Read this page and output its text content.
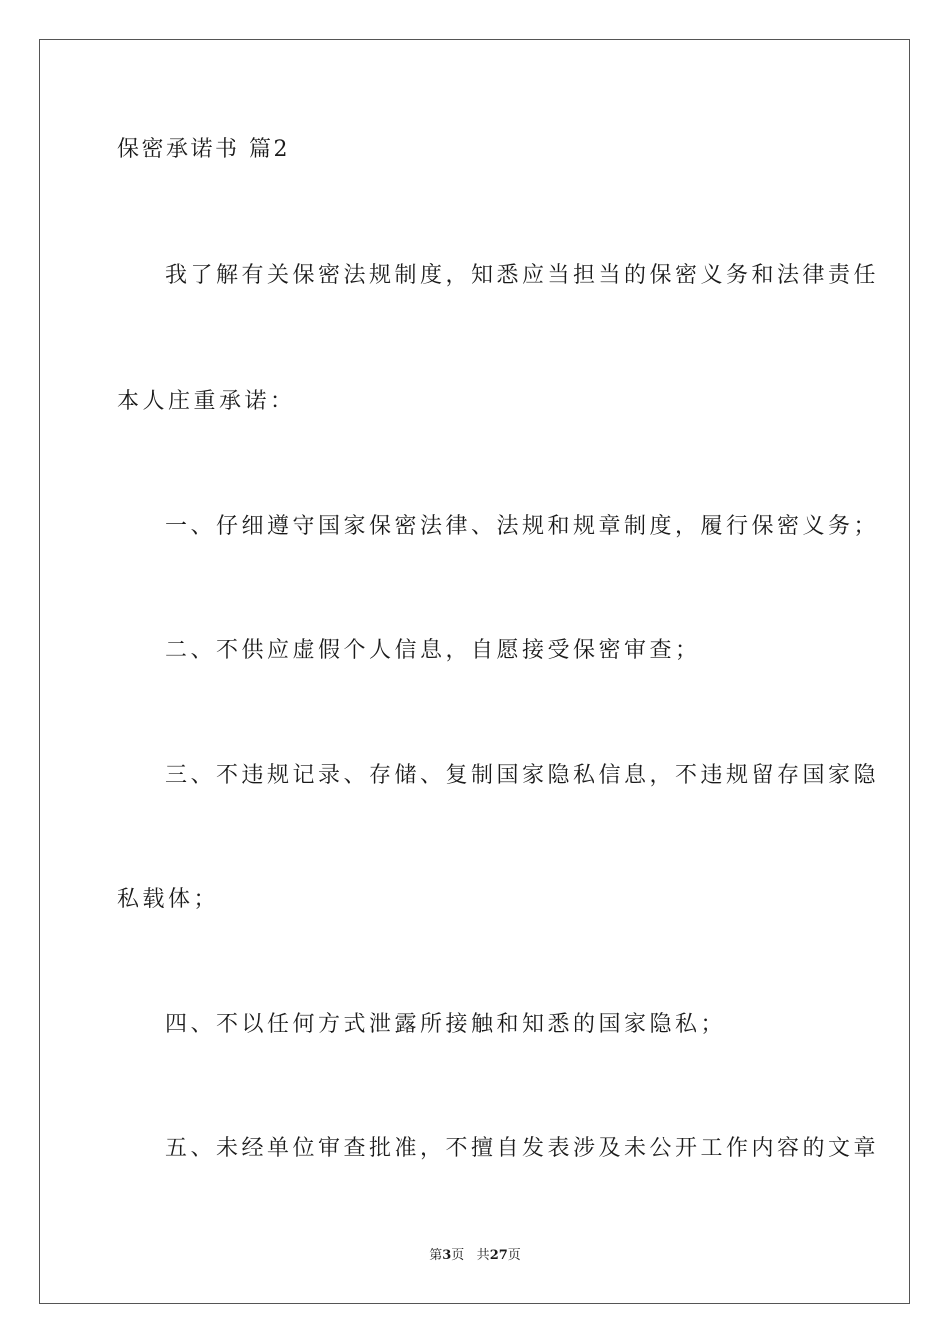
保密承诺书 篇2
我了解有关保密法规制度，知悉应当担当的保密义务和法律责任
本人庄重承诺：
一、仔细遵守国家保密法律、法规和规章制度，履行保密义务；
二、不供应虚假个人信息，自愿接受保密审查；
三、不违规记录、存储、复制国家隐私信息，不违规留存国家隐
私载体；
四、不以任何方式泄露所接触和知悉的国家隐私；
五、未经单位审查批准，不擅自发表涉及未公开工作内容的文章
第3页 共27页
